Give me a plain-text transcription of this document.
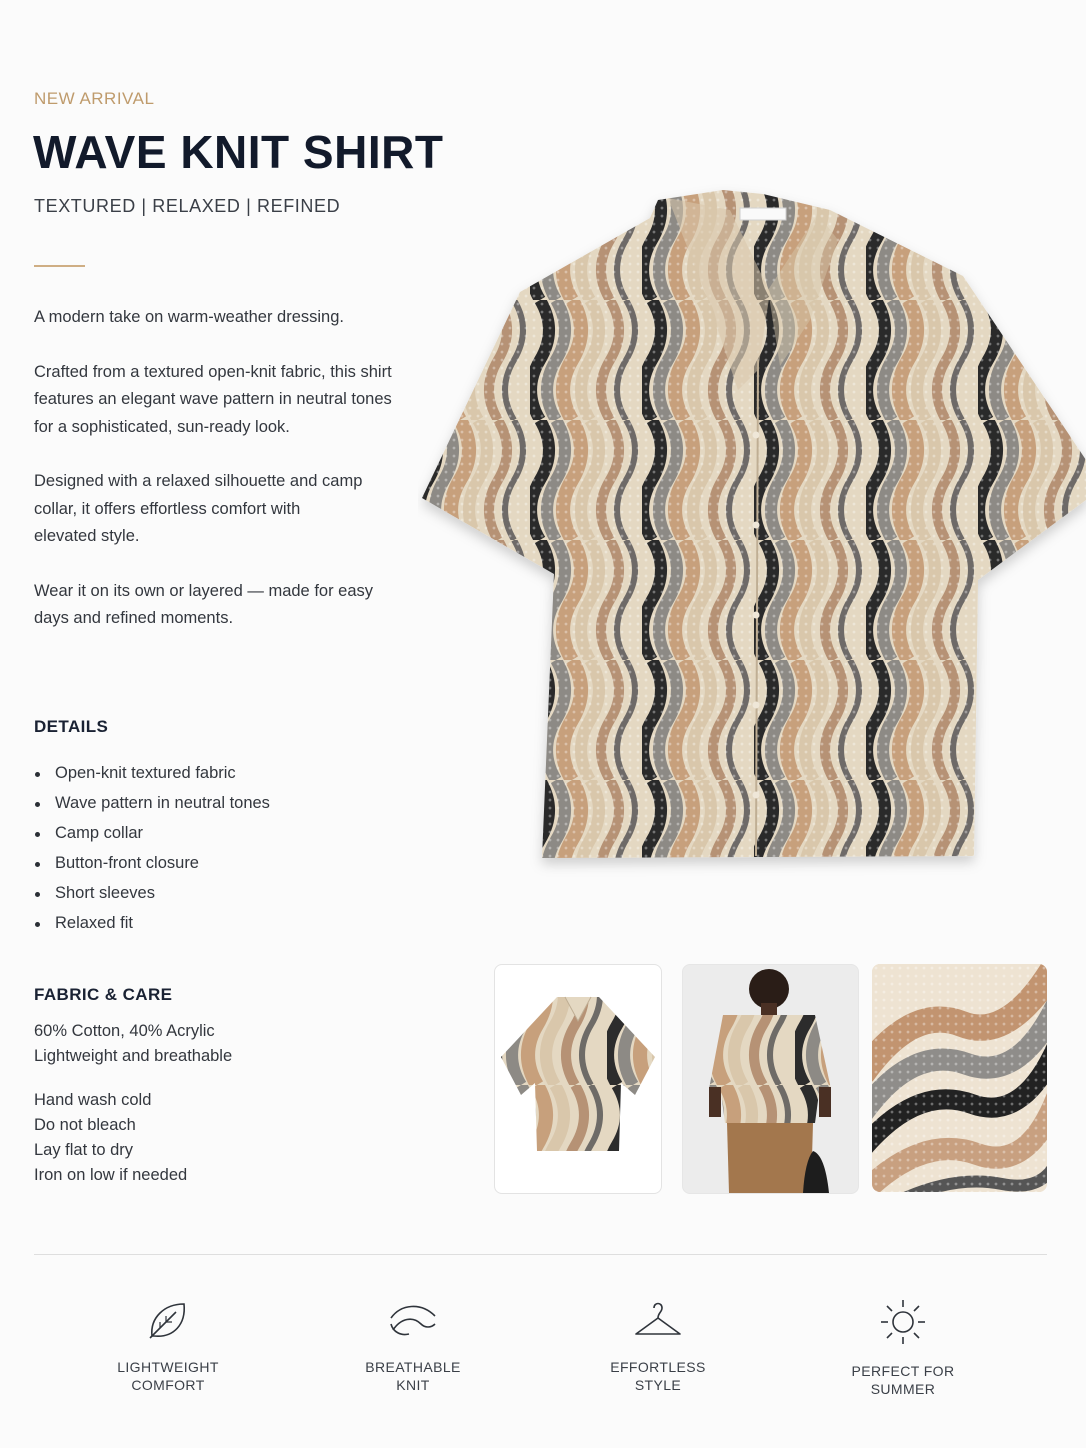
NEW ARRIVAL
WAVE KNIT SHIRT
TEXTURED | RELAXED | REFINED

A modern take on warm-weather dressing.

Crafted from a textured open-knit fabric, this shirt features an elegant wave pattern in neutral tones for a sophisticated, sun-ready look.

Designed with a relaxed silhouette and camp collar, it offers effortless comfort with elevated style.

Wear it on its own or layered — made for easy days and refined moments.

DETAILS
Open-knit textured fabric
Wave pattern in neutral tones
Camp collar
Button-front closure
Short sleeves
Relaxed fit
FABRIC & CARE
60% Cotton, 40% Acrylic
Lightweight and breathable
Hand wash cold
Do not bleach
Lay flat to dry
Iron on low if needed
LIGHTWEIGHT
COMFORT
BREATHABLE
KNIT
EFFORTLESS
STYLE
PERFECT FOR
SUMMER
